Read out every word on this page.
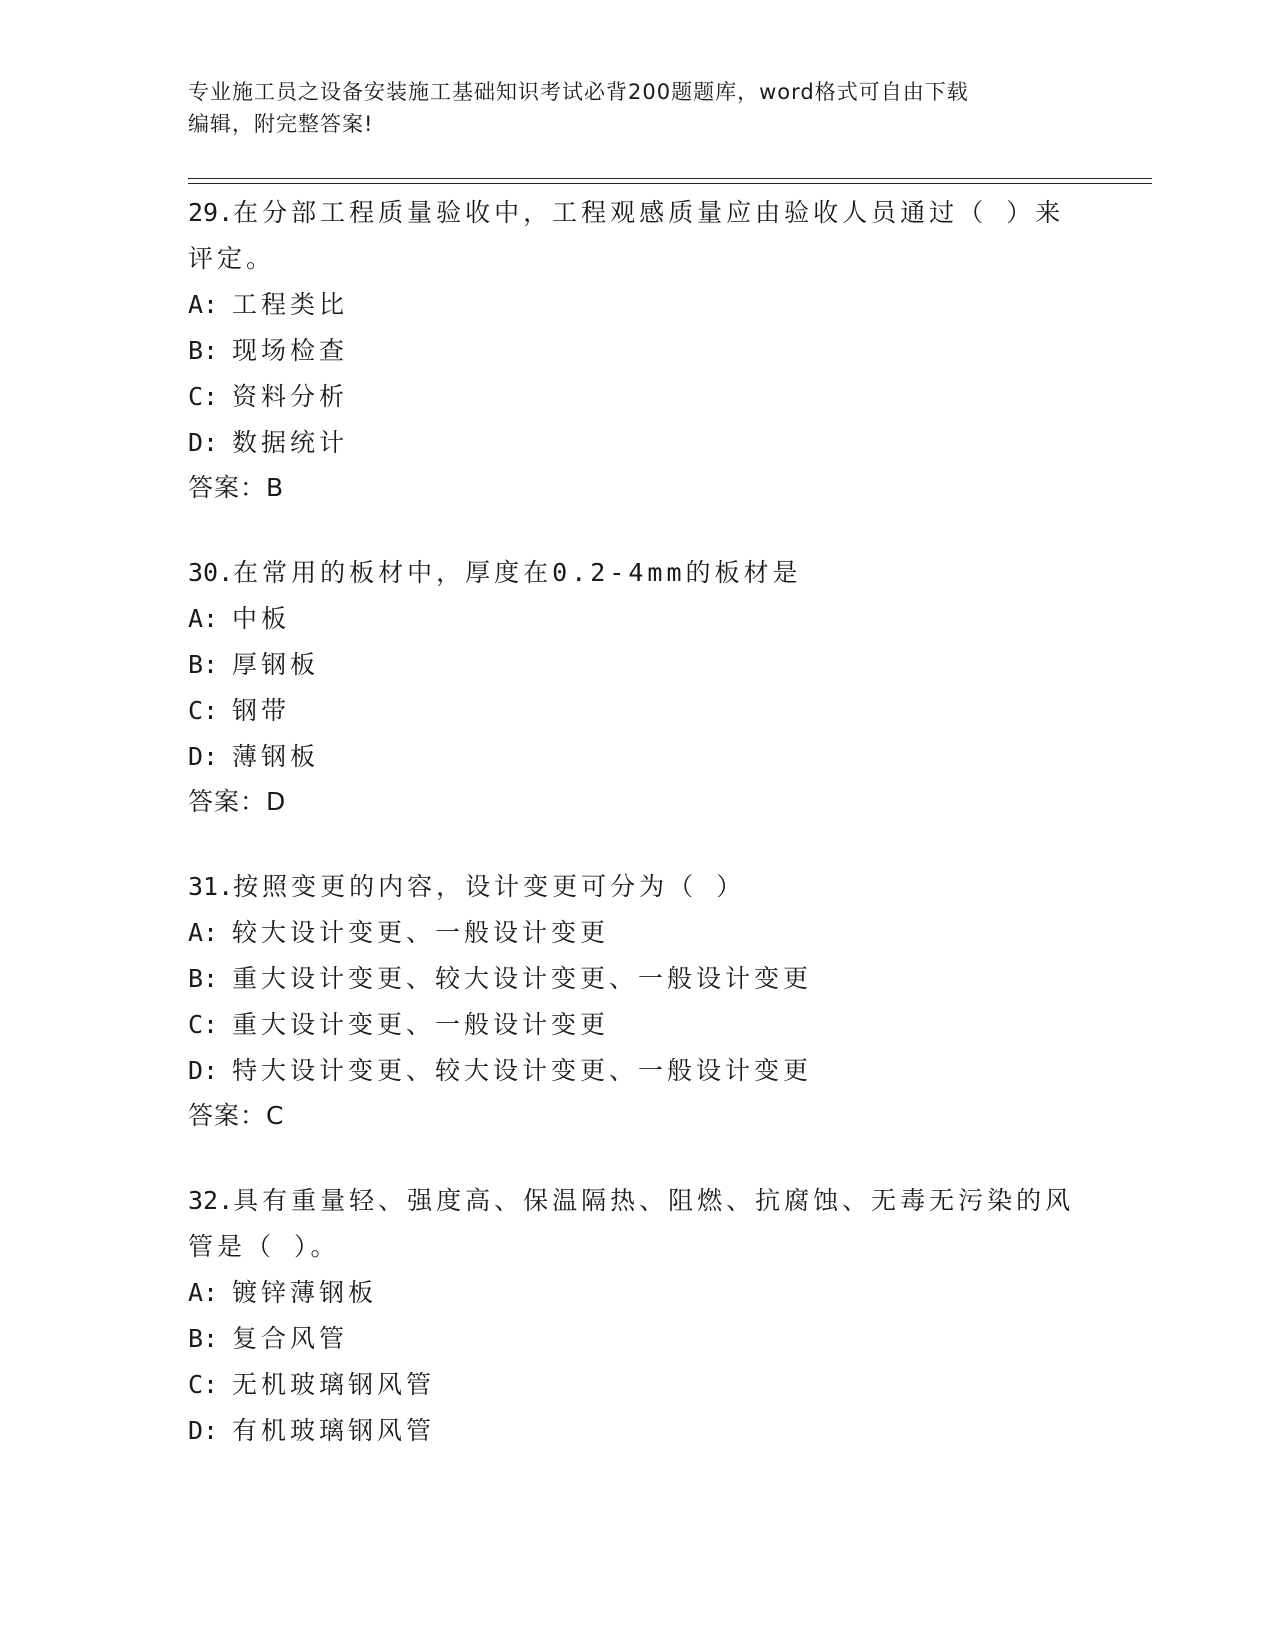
专业施工员之设备安装施工基础知识考试必背200题题库，word格式可自由下载
编辑，附完整答案!

29.在分部工程质量验收中，工程观感质量应由验收人员通过（ ）来评定。

A: 工程类比

B: 现场检查

C: 资料分析

D: 数据统计

答案：B

30.在常用的板材中，厚度在0.2-4mm的板材是

A: 中板

B: 厚钢板

C: 钢带

D: 薄钢板

答案：D

31.按照变更的内容，设计变更可分为（ ）

A: 较大设计变更、一般设计变更

B: 重大设计变更、较大设计变更、一般设计变更

C: 重大设计变更、一般设计变更

D: 特大设计变更、较大设计变更、一般设计变更

答案：C

32.具有重量轻、强度高、保温隔热、阻燃、抗腐蚀、无毒无污染的风管是（ ）。

A: 镀锌薄钢板

B: 复合风管

C: 无机玻璃钢风管

D: 有机玻璃钢风管
